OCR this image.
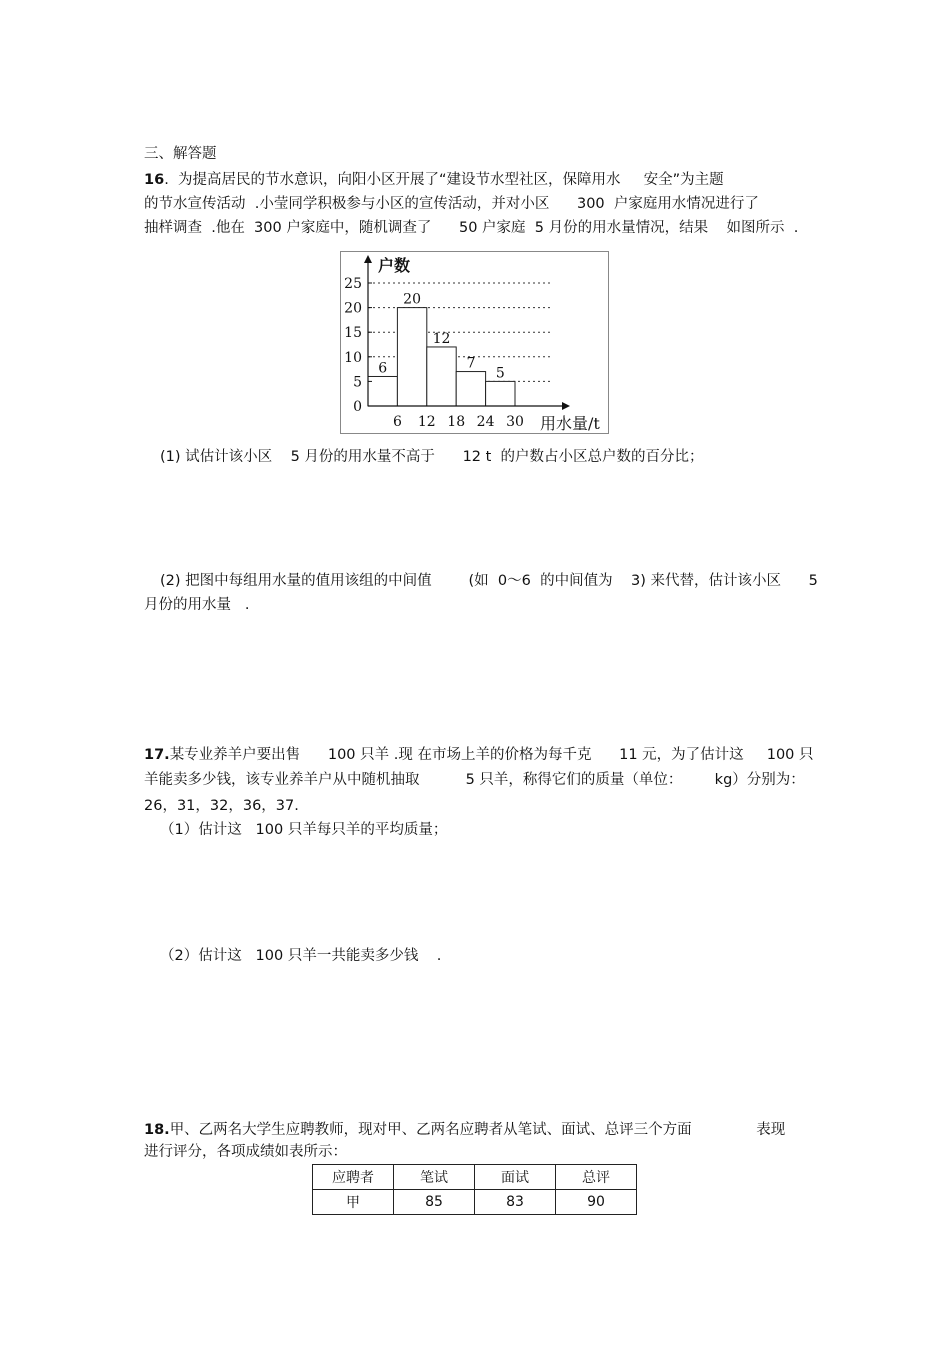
三、解答题
16.  为提高居民的节水意识，向阳小区开展了“建设节水型社区，保障用水     安全”为主题
的节水宣传活动  .小莹同学积极参与小区的宣传活动，并对小区      300  户家庭用水情况进行了
抽样调查  .他在  300 户家庭中，随机调查了      50 户家庭  5 月份的用水量情况，结果    如图所示  .
6
20
12
7
5
0
5
10
15
20
25
6 12 18 24 30
户数
用水量/t
(1) 试估计该小区    5 月份的用水量不高于      12 t  的户数占小区总户数的百分比；
(2) 把图中每组用水量的值用该组的中间值        (如  0～6  的中间值为    3) 来代替，估计该小区      5
月份的用水量   .
17.某专业养羊户要出售      100 只羊 .现 在市场上羊的价格为每千克      11 元，为了估计这     100 只
羊能卖多少钱，该专业养羊户从中随机抽取          5 只羊，称得它们的质量（单位：       kg）分别为：
26，31，32，36，37.
（1）估计这   100 只羊每只羊的平均质量；
（2）估计这   100 只羊一共能卖多少钱    .
18.甲、乙两名大学生应聘教师，现对甲、乙两名应聘者从笔试、面试、总评三个方面              表现
进行评分，各项成绩如表所示：
应聘者	笔试	面试	总评
甲	85	83	90
